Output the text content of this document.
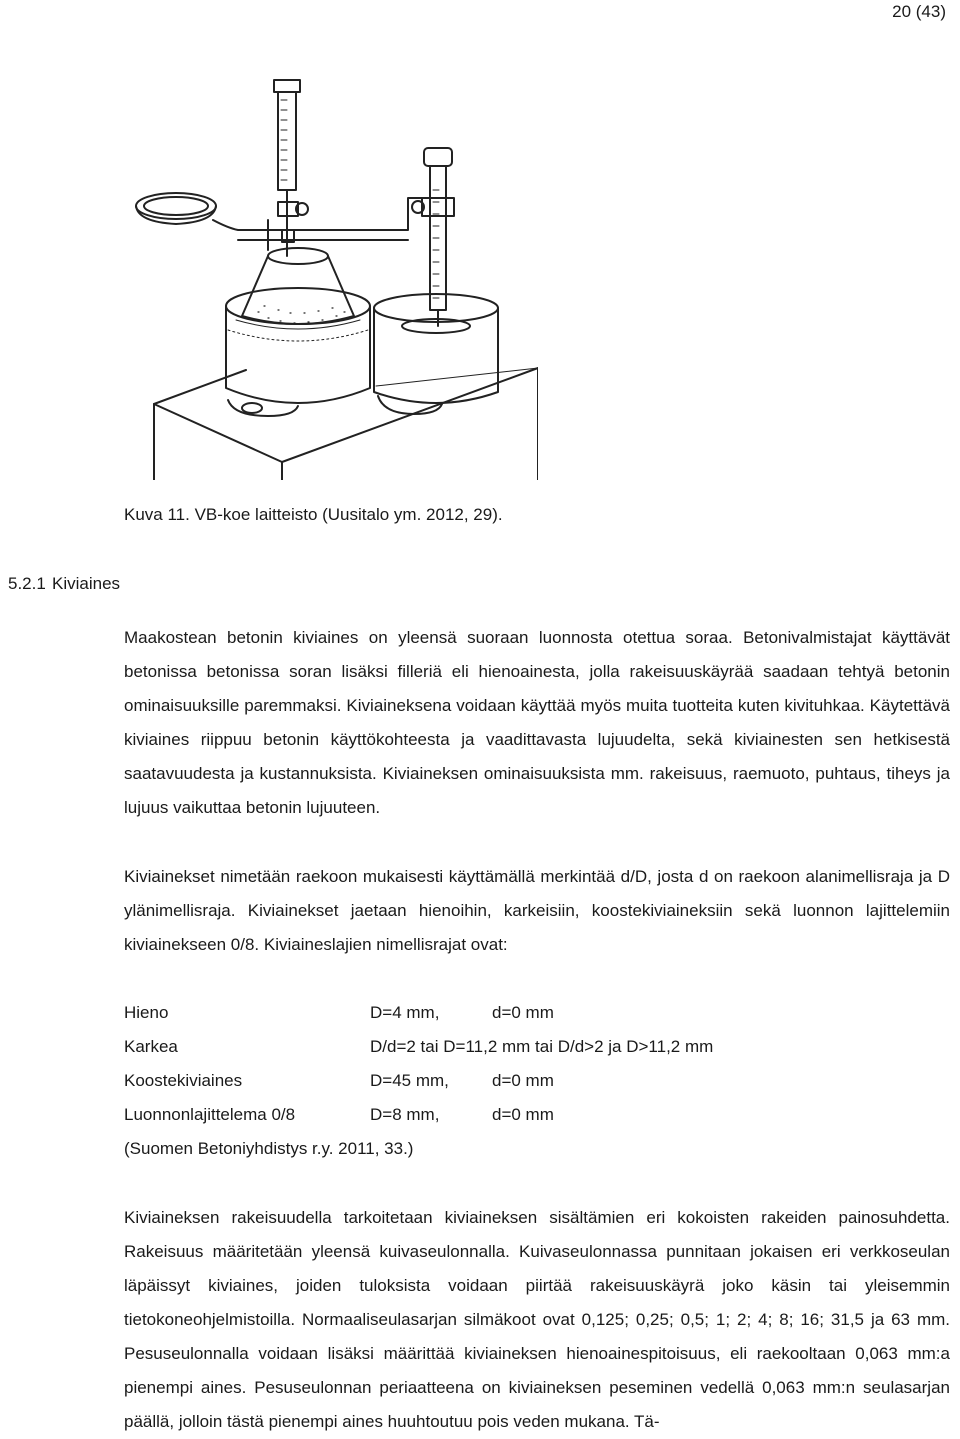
20 (43)
Kuva 11. VB-koe laitteisto (Uusitalo ym. 2012, 29).
5.2.1 Kiviaines

Maakostean betonin kiviaines on yleensä suoraan luonnosta otettua soraa. Betonivalmistajat käyttävät betonissa betonissa soran lisäksi filleriä eli hienoainesta, jolla rakeisuuskäyrää saadaan tehtyä betonin ominaisuuksille paremmaksi. Kiviaineksena voidaan käyttää myös muita tuotteita kuten kivituhkaa. Käytettävä kiviaines riippuu betonin käyttökohteesta ja vaadittavasta lujuudelta, sekä kiviainesten sen hetkisestä saatavuudesta ja kustannuksista. Kiviaineksen ominaisuuksista mm. rakeisuus, raemuoto, puhtaus, tiheys ja lujuus vaikuttaa betonin lujuuteen.

Kiviainekset nimetään raekoon mukaisesti käyttämällä merkintää d/D, josta d on raekoon alanimellisraja ja D ylänimellisraja. Kiviainekset jaetaan hienoihin, karkeisiin, koostekiviaineksiin sekä luonnon lajittelemiin kiviainekseen 0/8. Kiviaineslajien nimellisrajat ovat:

Hieno	D=4 mm,	d=0 mm
Karkea	D/d=2 tai D=11,2 mm tai D/d>2 ja D>11,2 mm
Koostekiviaines	D=45 mm,	d=0 mm
Luonnonlajittelema 0/8	D=8 mm,	d=0 mm
(Suomen Betoniyhdistys r.y. 2011, 33.)

Kiviaineksen rakeisuudella tarkoitetaan kiviaineksen sisältämien eri kokoisten rakeiden painosuhdetta. Rakeisuus määritetään yleensä kuivaseulonnalla. Kuivaseulonnassa punnitaan jokaisen eri verkkoseulan läpäissyt kiviaines, joiden tuloksista voidaan piirtää rakeisuuskäyrä joko käsin tai yleisemmin tietokoneohjelmistoilla. Normaaliseulasarjan silmäkoot ovat 0,125; 0,25; 0,5; 1; 2; 4; 8; 16; 31,5 ja 63 mm. Pesuseulonnalla voidaan lisäksi määrittää kiviaineksen hienoainespitoisuus, eli raekooltaan 0,063 mm:a pienempi aines. Pesuseulonnan periaatteena on kiviaineksen peseminen vedellä 0,063 mm:n seulasarjan päällä, jolloin tästä pienempi aines huuhtoutuu pois veden mukana. Tä-
